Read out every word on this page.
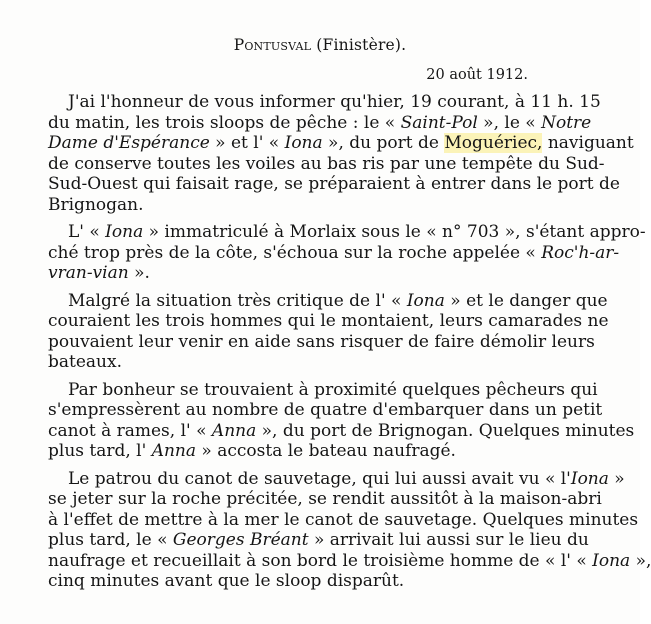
Pontusval (Finistère).
20 août 1912.

J'ai l'honneur de vous informer qu'hier, 19 courant, à 11 h. 15
du matin, les trois sloops de pêche : le « Saint-Pol », le « Notre
Dame d'Espérance » et l' « Iona », du port de Moguériec, naviguant
de conserve toutes les voiles au bas ris par une tempête du Sud-
Sud-Ouest qui faisait rage, se préparaient à entrer dans le port de
Brignogan.

L' « Iona » immatriculé à Morlaix sous le « n° 703 », s'étant appro-
ché trop près de la côte, s'échoua sur la roche appelée « Roc'h-ar-
vran-vian ».

Malgré la situation très critique de l' « Iona » et le danger que
couraient les trois hommes qui le montaient, leurs camarades ne
pouvaient leur venir en aide sans risquer de faire démolir leurs
bateaux.

Par bonheur se trouvaient à proximité quelques pêcheurs qui
s'empressèrent au nombre de quatre d'embarquer dans un petit
canot à rames, l' « Anna », du port de Brignogan. Quelques minutes
plus tard, l' Anna » accosta le bateau naufragé.

Le patrou du canot de sauvetage, qui lui aussi avait vu « l'Iona »
se jeter sur la roche précitée, se rendit aussitôt à la maison-abri
à l'effet de mettre à la mer le canot de sauvetage. Quelques minutes
plus tard, le « Georges Bréant » arrivait lui aussi sur le lieu du
naufrage et recueillait à son bord le troisième homme de « l' « Iona »,
cinq minutes avant que le sloop disparût.
